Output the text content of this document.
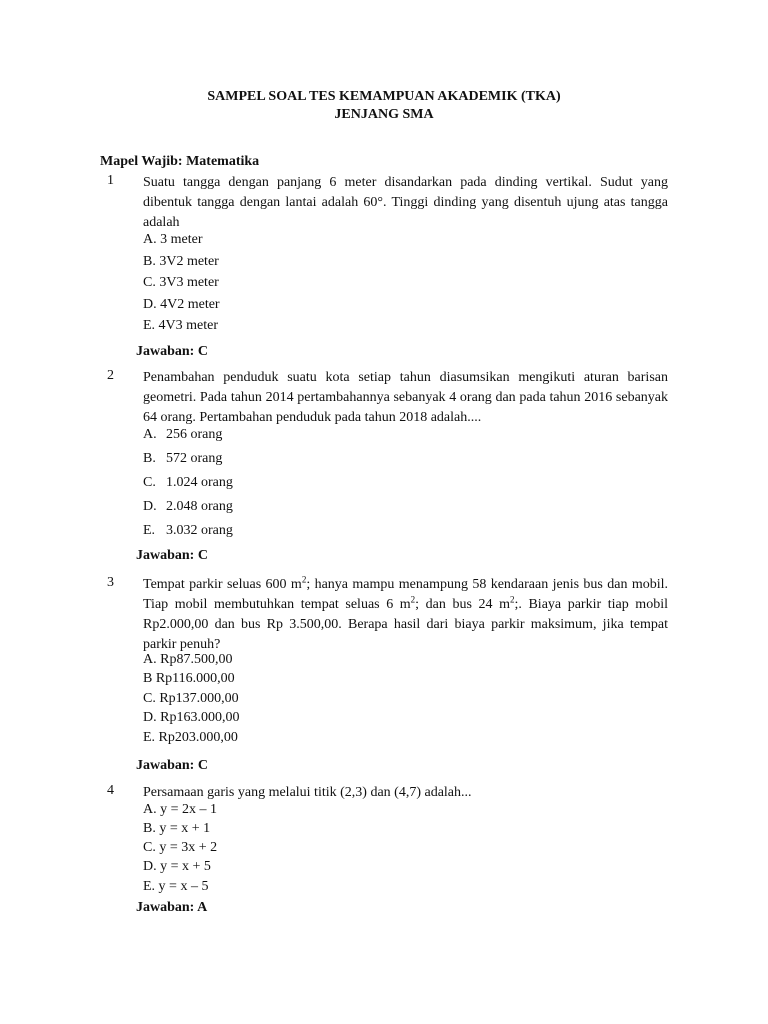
SAMPEL SOAL TES KEMAMPUAN AKADEMIK (TKA)
JENJANG SMA
Mapel Wajib: Matematika
1 Suatu tangga dengan panjang 6 meter disandarkan pada dinding vertikal. Sudut yang dibentuk tangga dengan lantai adalah 60°. Tinggi dinding yang disentuh ujung atas tangga adalah
A. 3 meter
B. 3V2 meter
C. 3V3 meter
D. 4V2 meter
E. 4V3 meter
Jawaban: C
2 Penambahan penduduk suatu kota setiap tahun diasumsikan mengikuti aturan barisan geometri. Pada tahun 2014 pertambahannya sebanyak 4 orang dan pada tahun 2016 sebanyak 64 orang. Pertambahan penduduk pada tahun 2018 adalah....
A. 256 orang
B. 572 orang
C. 1.024 orang
D. 2.048 orang
E. 3.032 orang
Jawaban: C
3 Tempat parkir seluas 600 $m^2$; hanya mampu menampung 58 kendaraan jenis bus dan mobil. Tiap mobil membutuhkan tempat seluas 6 $m^2$; dan bus 24 $m^2$;. Biaya parkir tiap mobil Rp2.000,00 dan bus Rp 3.500,00. Berapa hasil dari biaya parkir maksimum, jika tempat parkir penuh?
A. Rp87.500,00
B Rp116.000,00
C. Rp137.000,00
D. Rp163.000,00
E. Rp203.000,00
Jawaban: C
4 Persamaan garis yang melalui titik (2,3) dan (4,7) adalah...
A. y = 2x – 1
B. y = x + 1
C. y = 3x + 2
D. y = x + 5
E. y = x – 5
Jawaban: A
